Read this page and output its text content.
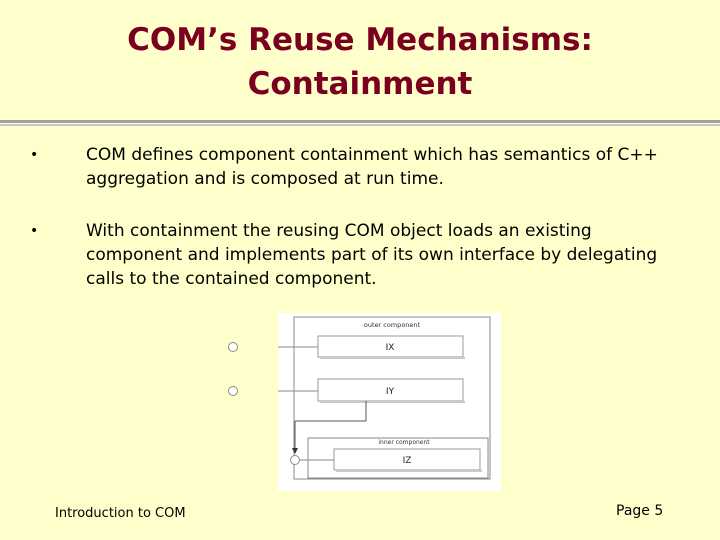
COM’s Reuse Mechanisms:
Containment
•	COM defines component containment which has semantics of C++ aggregation and is composed at run time.
•	With containment the reusing COM object loads an existing component and implements part of its own interface by delegating calls to the contained component.
outer component
IX
IY
inner component
IZ
Introduction to COM	Page 5
